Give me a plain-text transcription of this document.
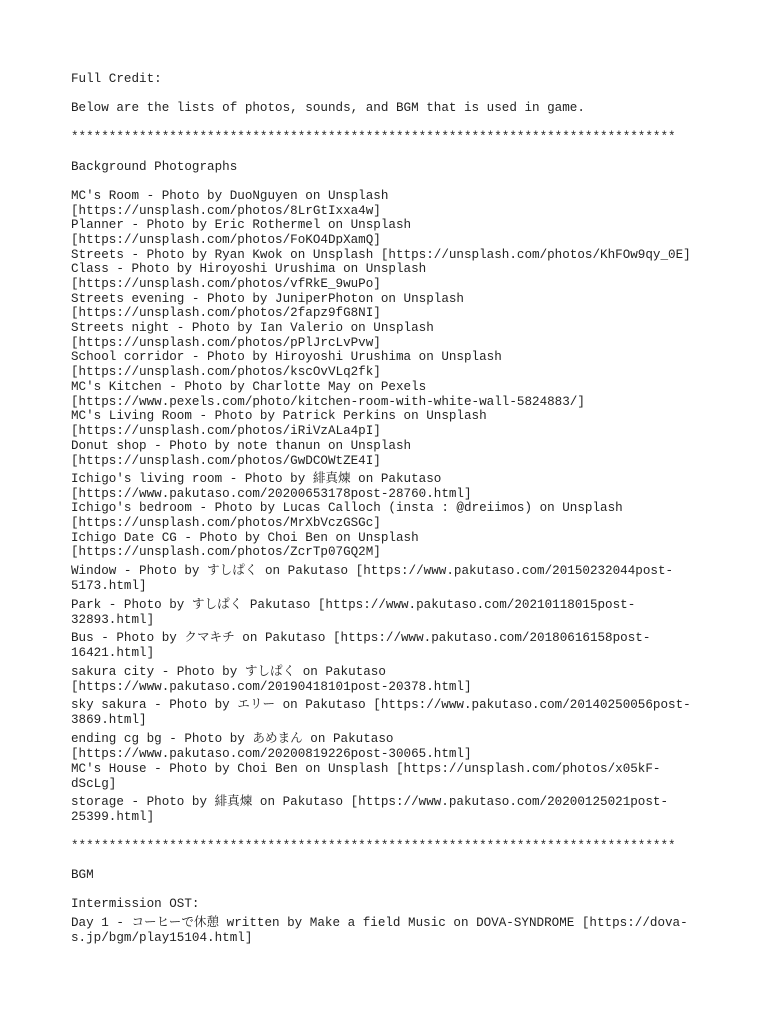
Full Credit:

Below are the lists of photos, sounds, and BGM that is used in game.

********************************************************************************

Background Photographs

MC's Room - Photo by DuoNguyen on Unsplash

[https://unsplash.com/photos/8LrGtIxxa4w]

Planner - Photo by Eric Rothermel on Unsplash

[https://unsplash.com/photos/FoKO4DpXamQ]

Streets - Photo by Ryan Kwok on Unsplash [https://unsplash.com/photos/KhFOw9qy_0E]

Class - Photo by Hiroyoshi Urushima on Unsplash

[https://unsplash.com/photos/vfRkE_9wuPo]

Streets evening - Photo by JuniperPhoton on Unsplash

[https://unsplash.com/photos/2fapz9fG8NI]

Streets night - Photo by Ian Valerio on Unsplash

[https://unsplash.com/photos/pPlJrcLvPvw]

School corridor - Photo by Hiroyoshi Urushima on Unsplash

[https://unsplash.com/photos/kscOvVLq2fk]

MC's Kitchen - Photo by Charlotte May on Pexels

[https://www.pexels.com/photo/kitchen-room-with-white-wall-5824883/]

MC's Living Room - Photo by Patrick Perkins on Unsplash

[https://unsplash.com/photos/iRiVzALa4pI]

Donut shop - Photo by note thanun on Unsplash

[https://unsplash.com/photos/GwDCOWtZE4I]

Ichigo's living room - Photo by 緋真煉 on Pakutaso

[https://www.pakutaso.com/20200653178post-28760.html]

Ichigo's bedroom - Photo by Lucas Calloch (insta : @dreiimos) on Unsplash

[https://unsplash.com/photos/MrXbVczGSGc]

Ichigo Date CG - Photo by Choi Ben on Unsplash

[https://unsplash.com/photos/ZcrTp07GQ2M]

Window - Photo by すしぱく on Pakutaso [https://www.pakutaso.com/20150232044post-

5173.html]

Park - Photo by すしぱく Pakutaso [https://www.pakutaso.com/20210118015post-

32893.html]

Bus - Photo by クマキチ on Pakutaso [https://www.pakutaso.com/20180616158post-

16421.html]

sakura city - Photo by すしぱく on Pakutaso

[https://www.pakutaso.com/20190418101post-20378.html]

sky sakura - Photo by エリー on Pakutaso [https://www.pakutaso.com/20140250056post-

3869.html]

ending cg bg - Photo by あめまん on Pakutaso

[https://www.pakutaso.com/20200819226post-30065.html]

MC's House - Photo by Choi Ben on Unsplash [https://unsplash.com/photos/x05kF-

dScLg]

storage - Photo by 緋真煉 on Pakutaso [https://www.pakutaso.com/20200125021post-

25399.html]

********************************************************************************

BGM

Intermission OST:

Day 1 - コーヒーで休憩 written by Make a field Music on DOVA-SYNDROME [https://dova-

s.jp/bgm/play15104.html]
